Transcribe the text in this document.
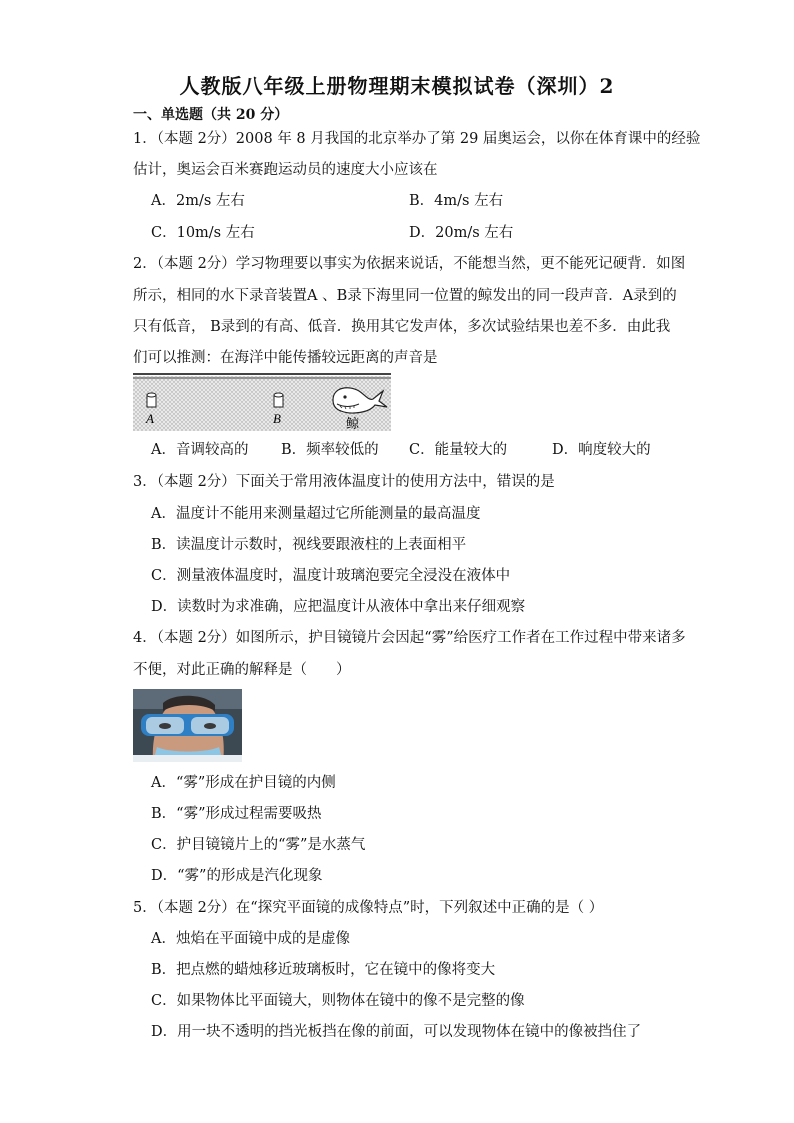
人教版八年级上册物理期末模拟试卷（深圳）2
一、单选题（共 20 分）
1．（本题 2分）2008 年 8 月我国的北京举办了第 29 届奥运会，以你在体育课中的经验
估计，奥运会百米赛跑运动员的速度大小应该在
A．2m/s 左右	B．4m/s 左右
C．10m/s 左右	D．20m/s 左右
2．（本题 2分）学习物理要以事实为依据来说话，不能想当然，更不能死记硬背．如图
所示，相同的水下录音装置A 、B录下海里同一位置的鲸发出的同一段声音．A录到的
只有低音， B录到的有高、低音．换用其它发声体，多次试验结果也差不多．由此我
们可以推测：在海洋中能传播较远距离的声音是
A	B	鲸
A．音调较高的 B．频率较低的 C．能量较大的	D．响度较大的
3．（本题 2分）下面关于常用液体温度计的使用方法中，错误的是
A．温度计不能用来测量超过它所能测量的最高温度
B．读温度计示数时，视线要跟液柱的上表面相平
C．测量液体温度时，温度计玻璃泡要完全浸没在液体中
D．读数时为求准确，应把温度计从液体中拿出来仔细观察
4．（本题 2分）如图所示，护目镜镜片会因起“雾”给医疗工作者在工作过程中带来诸多
不便，对此正确的解释是（　　）
A．“雾”形成在护目镜的内侧
B．“雾”形成过程需要吸热
C．护目镜镜片上的“雾”是水蒸气
D．“雾”的形成是汽化现象
5．（本题 2分）在“探究平面镜的成像特点”时，下列叙述中正确的是（ ）
A．烛焰在平面镜中成的是虚像
B．把点燃的蜡烛移近玻璃板时，它在镜中的像将变大
C．如果物体比平面镜大，则物体在镜中的像不是完整的像
D．用一块不透明的挡光板挡在像的前面，可以发现物体在镜中的像被挡住了
